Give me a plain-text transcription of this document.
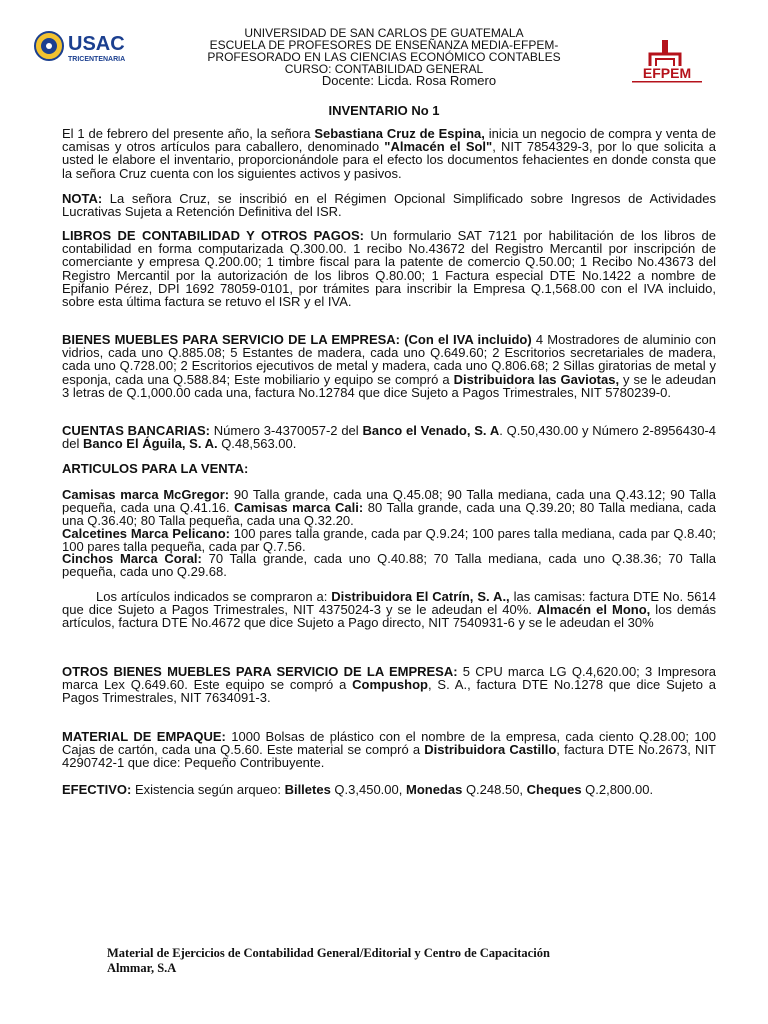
USAC
TRICENTENARIA
EFPEM
UNIVERSIDAD DE SAN CARLOS DE GUATEMALA
ESCUELA DE PROFESORES DE ENSEÑANZA MEDIA-EFPEM-
PROFESORADO EN LAS CIENCIAS ECONÓMICO CONTABLES
CURSO: CONTABILIDAD GENERAL
Docente: Licda. Rosa Romero
INVENTARIO No 1
El 1 de febrero del presente año, la señora Sebastiana Cruz de Espina, inicia un negocio de compra y venta de camisas y otros artículos para caballero, denominado "Almacén el Sol", NIT 7854329-3, por lo que solicita a usted le elabore el inventario, proporcionándole para el efecto los documentos fehacientes en donde consta que la señora Cruz cuenta con los siguientes activos y pasivos.
NOTA: La señora Cruz, se inscribió en el Régimen Opcional Simplificado sobre Ingresos de Actividades Lucrativas Sujeta a Retención Definitiva del ISR.
LIBROS DE CONTABILIDAD Y OTROS PAGOS: Un formulario SAT 7121 por habilitación de los libros de contabilidad en forma computarizada Q.300.00. 1 recibo No.43672 del Registro Mercantil por inscripción de comerciante y empresa Q.200.00; 1 timbre fiscal para la patente de comercio Q.50.00; 1 Recibo No.43673 del Registro Mercantil por la autorización de los libros Q.80.00; 1 Factura especial DTE No.1422 a nombre de Epifanio Pérez, DPI 1692 78059-0101, por trámites para inscribir la Empresa Q.1,568.00 con el IVA incluido, sobre esta última factura se retuvo el ISR y el IVA.
BIENES MUEBLES PARA SERVICIO DE LA EMPRESA: (Con el IVA incluido) 4 Mostradores de aluminio con vidrios, cada uno Q.885.08; 5 Estantes de madera, cada uno Q.649.60; 2 Escritorios secretariales de madera, cada uno Q.728.00; 2 Escritorios ejecutivos de metal y madera, cada uno Q.806.68; 2 Sillas giratorias de metal y esponja, cada una Q.588.84; Este mobiliario y equipo se compró a Distribuidora las Gaviotas, y se le adeudan 3 letras de Q.1,000.00 cada una, factura No.12784 que dice Sujeto a Pagos Trimestrales, NIT 5780239-0.
CUENTAS BANCARIAS: Número 3-4370057-2 del Banco el Venado, S. A. Q.50,430.00 y Número 2-8956430-4 del Banco El Águila, S. A. Q.48,563.00.
ARTICULOS PARA LA VENTA:
Camisas marca McGregor: 90 Talla grande, cada una Q.45.08; 90 Talla mediana, cada una Q.43.12; 90 Talla pequeña, cada una Q.41.16. Camisas marca Cali: 80 Talla grande, cada una Q.39.20; 80 Talla mediana, cada una Q.36.40; 80 Talla pequeña, cada una Q.32.20.
Calcetines Marca Pelicano: 100 pares talla grande, cada par Q.9.24; 100 pares talla mediana, cada par Q.8.40; 100 pares talla pequeña, cada par Q.7.56.
Cinchos Marca Coral: 70 Talla grande, cada uno Q.40.88; 70 Talla mediana, cada uno Q.38.36; 70 Talla pequeña, cada uno Q.29.68.
Los artículos indicados se compraron a: Distribuidora El Catrín, S. A., las camisas: factura DTE No. 5614 que dice Sujeto a Pagos Trimestrales, NIT 4375024-3 y se le adeudan el 40%. Almacén el Mono, los demás artículos, factura DTE No.4672 que dice Sujeto a Pago directo, NIT 7540931-6 y se le adeudan el 30%
OTROS BIENES MUEBLES PARA SERVICIO DE LA EMPRESA: 5 CPU marca LG Q.4,620.00; 3 Impresora marca Lex Q.649.60. Este equipo se compró a Compushop, S. A., factura DTE No.1278 que dice Sujeto a Pagos Trimestrales, NIT 7634091-3.
MATERIAL DE EMPAQUE: 1000 Bolsas de plástico con el nombre de la empresa, cada ciento Q.28.00; 100 Cajas de cartón, cada una Q.5.60. Este material se compró a Distribuidora Castillo, factura DTE No.2673, NIT 4290742-1 que dice: Pequeño Contribuyente.
EFECTIVO: Existencia según arqueo: Billetes Q.3,450.00, Monedas Q.248.50, Cheques Q.2,800.00.
Material de Ejercicios de Contabilidad General/Editorial y Centro de Capacitación
Almmar, S.A
